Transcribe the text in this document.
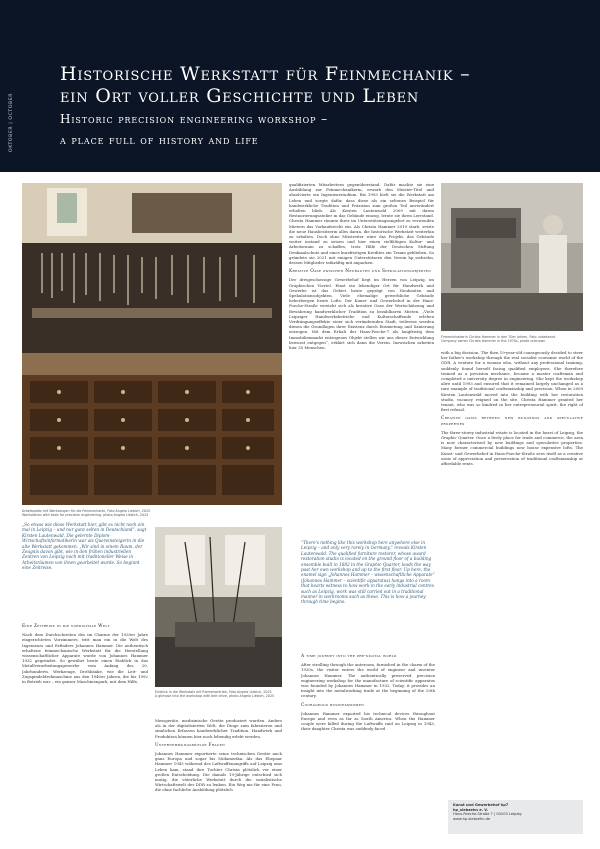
OKTOBER | OCTOBER
Historische Werkstatt für Feinmechanik –
ein Ort voller Geschichte und Leben
Historic precision engineering workshop –
a place full of history and life
Arbeitsplatz mit Werkzeugen für die Feinmechanik, Foto Angela Liebich, 2025
Workstation with tools for precision engineering, photo Angela Liebich, 2025
„So etwas wie diese Werkstatt hier, gibt es nicht noch ein mal in Leipzig – und nur ganz selten in Deutschland“, sagt Kirsten Lautenwald. Die gelernte Diplom-Wirtschaftsinformatikerin war als Quereinsteigerin in die alte Werkstatt gekommen. „Wir sind in einem Raum, der Zeugnis davon gibt, wie in den frühen industriellen Zentren von Leipzig noch mit traditioneller Weise in Arbeitsräumen von ihnen gearbeitet wurde. So beginnt eine Zeitreise.
Eine Zeitreise in die vordigitale Welt

Nach dem Durchschreiten des im Charme der 1930er Jahre eingerichteten Vorzimmers, tritt man ein in die Welt des Ingenieurs und Erfinders Johannes Hammer. Die authentisch erhaltene feinmechanische Werkstatt für die Herstellung wissenschaftlicher Apparate wurde von Johannes Hammer 1932 gegründet. So gewährt heute einen Einblick in das Metallverarbeitungsgewerbe vom Anfang des 20. Jahrhunderts. Werkzeuge, Drehbänke, wie die Leit- und Zugspindeldrehmaschine aus den 1940er Jahren, die bis 1992 in Betrieb war – ein ganzer Maschinenpark, mit dem Hilfe,

Einblick in die Werkstatt mit Riemenantrieb, Foto Angela Liebich, 2025
A glimpse into the workshop with belt drive, photo Angela Liebich, 2025

Messgeräte, medizinische Geräte produziert wurden. Anders als in der digitalisierten Welt, die Dinge zum fabrizieren und sinnlichen Erfassen handwerklicher Tradition. Handwerk und Produktion können hier noch lebendig erlebt werden.

Unternehmungsmutige Frauen

Johannes Hammer exportierte seine technischen Geräte nach ganz Europa und sogar bis Südamerika. Als das Ehepaar Hammer 1943 während des Luftwaffenangriffs auf Leipzig ums Leben kam, stand ihre Tochter Christa plötzlich vor einer großen Entscheidung. Die damals 19-Jährige entschied sich mutig, die väterliche Werkstatt durch die sozialistische Wirtschaftswelt der DDR zu lenken. Ein Weg nie für eine Frau, die ohne fachliche Ausbildung plötzlich

qualifizierten Mitarbeitern gegenüberstand. Dafür machte sie eine Ausbildung zur Feinmechanikerin, erwarb den Meister-Titel und absolvierte ein Ingenieurstudium. Bis 1993 hielt sie die Werkstatt am Leben und sorgte dafür, dass diese als ein seltenes Beispiel für handwerkliche Tradition und Präzision zum großen Teil unverändert erhalten blieb. Als Kirsten Lautenwald 2009 mit ihrem Restaurierungsatelier in das Gebäude einzog, lernte sie ihren Lerrstand. Christa Hammer räumte ihrer im Unterstützungsangebot zu verwenden Mietern das Vorkaufsrecht ein. Als Christa Hammer 2019 starb, setzte die neue Hausbesitzerin alles daran, die historische Werkstatt weiterhin zu erhalten. Doch ohne Mitstreiter wäre das Projekt, das Gebäude weiter instand zu setzen und hier einen vielfältigen Kultur- und Arbeitsraum zu schaffen, trotz Hilfe der Deutschen Stiftung Denkmalschutz und eines kurzfristigen Kredites ein Traum geblieben. So gründete sie 2021 mit einigen Unterstützern den Verein hp_siebzehn, dessen Mitglieder tatkräftig mit anpacken.

Kreative Oase zwischen Neubauten und Spekulationsobjekten

Der dreigeschossige Gewerbehof liegt im Herzen von Leipzig, im Graphischen Viertel. Einst ein lebendiger Ort für Handwerk und Gewerbe ist das Gebiet heute geprägt von Neubauten und Spekulationsobjekten. Viele ehemalige gewerbliche Gebäude beherbergen heute Lofts. Der Kunst- und Gewerbehof in der Hans-Poeche-Straße versteht sich als kreative Oase der Wertschätzung und Bewahrung handwerklicher Tradition zu bezahlbaren Mieten. „Viele Leipziger Handwerksbetriebe und Kulturschaffende erleben Verdrängungseffekte einer sich verändernden Stadt, teilweise werden diesen die Grundlagen ihrer Existenz durch Entmietung und Sanierung entzogen. Mit dem Erhalt der Hans-Poeche-7 als langfristig dem Immobilienmarkt entzogenes Objekt stellen wir uns dieser Entwicklung bewusst entgegen“, erklärt sich dann die Verein. Inzwischen arbeiten hier 35 Menschen.

“There's nothing like this workshop here anywhere else in Leipzig – and only very rarely in Germany,” reveals Kirsten Lautenwald. The qualified furniture restorer, whose award restoration studio is located on the ground floor of a building ensemble built in 1882 in the Graphic Quarter, leads the way past her own workshop and up to the first floor. Up here, the enamel sign „Johannes Hammer – wissenschaftliche Apparate“ (Johannes Hammer – scientific apparatus) hangs into a room that hearts witness to how work in the early industrial centres such as Leipzig, work was still carried out in a traditional manner in workrooms such as these. This is how a journey through time begins.
A time journey into the pre-digital world

After strolling through the anteroom, furnished in the charm of the 1930s, the visitor enters the world of engineer and inventor Johannes Hammer. The authentically preserved precision engineering workshop for the manufacture of scientific apparatus was founded by Johannes Hammer in 1932. Today, it provides an insight into the metalworking trade at the beginning of the 20th century.

Courageous businesswomen

Johannes Hammer exported his technical devices throughout Europe and even as far as South America. When the Hammer couple were killed during the Luftwaffe raid on Leipzig in 1943, their daughter Christa was suddenly faced

Firmeninhaberin Christa Hammer in den 70er Jahren, Foto unbekannt
Company owner Christa Hammer in the 1970s, photo unknown

with a big decision. The then 19-year-old courageously decided to steer her father's workshop through the real socialist economic world of the GDR. A venture for a woman who, without any professional training, suddenly found herself facing qualified employees. She therefore trained as a precision mechanic, became a master craftsman and completed a university degree in engineering. She kept the workshop alive until 1993 and ensured that it remained largely unchanged as a rare example of traditional craftsmanship and precision. When in 2009 Kirsten Lautenwald moved into the building with her restoration studio, vacancy reigned on the site. Christa Hammer granted her tenant, who was so kindred in her entrepreneurial spirit, the right of first refusal.

Creative oasis between new buildings and speculative properties

The three-storey industrial estate is located in the heart of Leipzig, the Graphic Quarter. Once a lively place for trade and commerce, the area is now characterised by new buildings and speculative properties. Many former commercial buildings now house expensive lofts. The Kunst- und Gewerbehof in Hans-Poeche-Straße sees itself as a creative oasis of appreciation and preservation of traditional craftsmanship at affordable rents.

Kunst und Gewerbehof hp7
hp_siebzehn e. V.
Hans-Poeche-Straße 7 | 04103 Leipzig
www.hp-siebzehn.de
